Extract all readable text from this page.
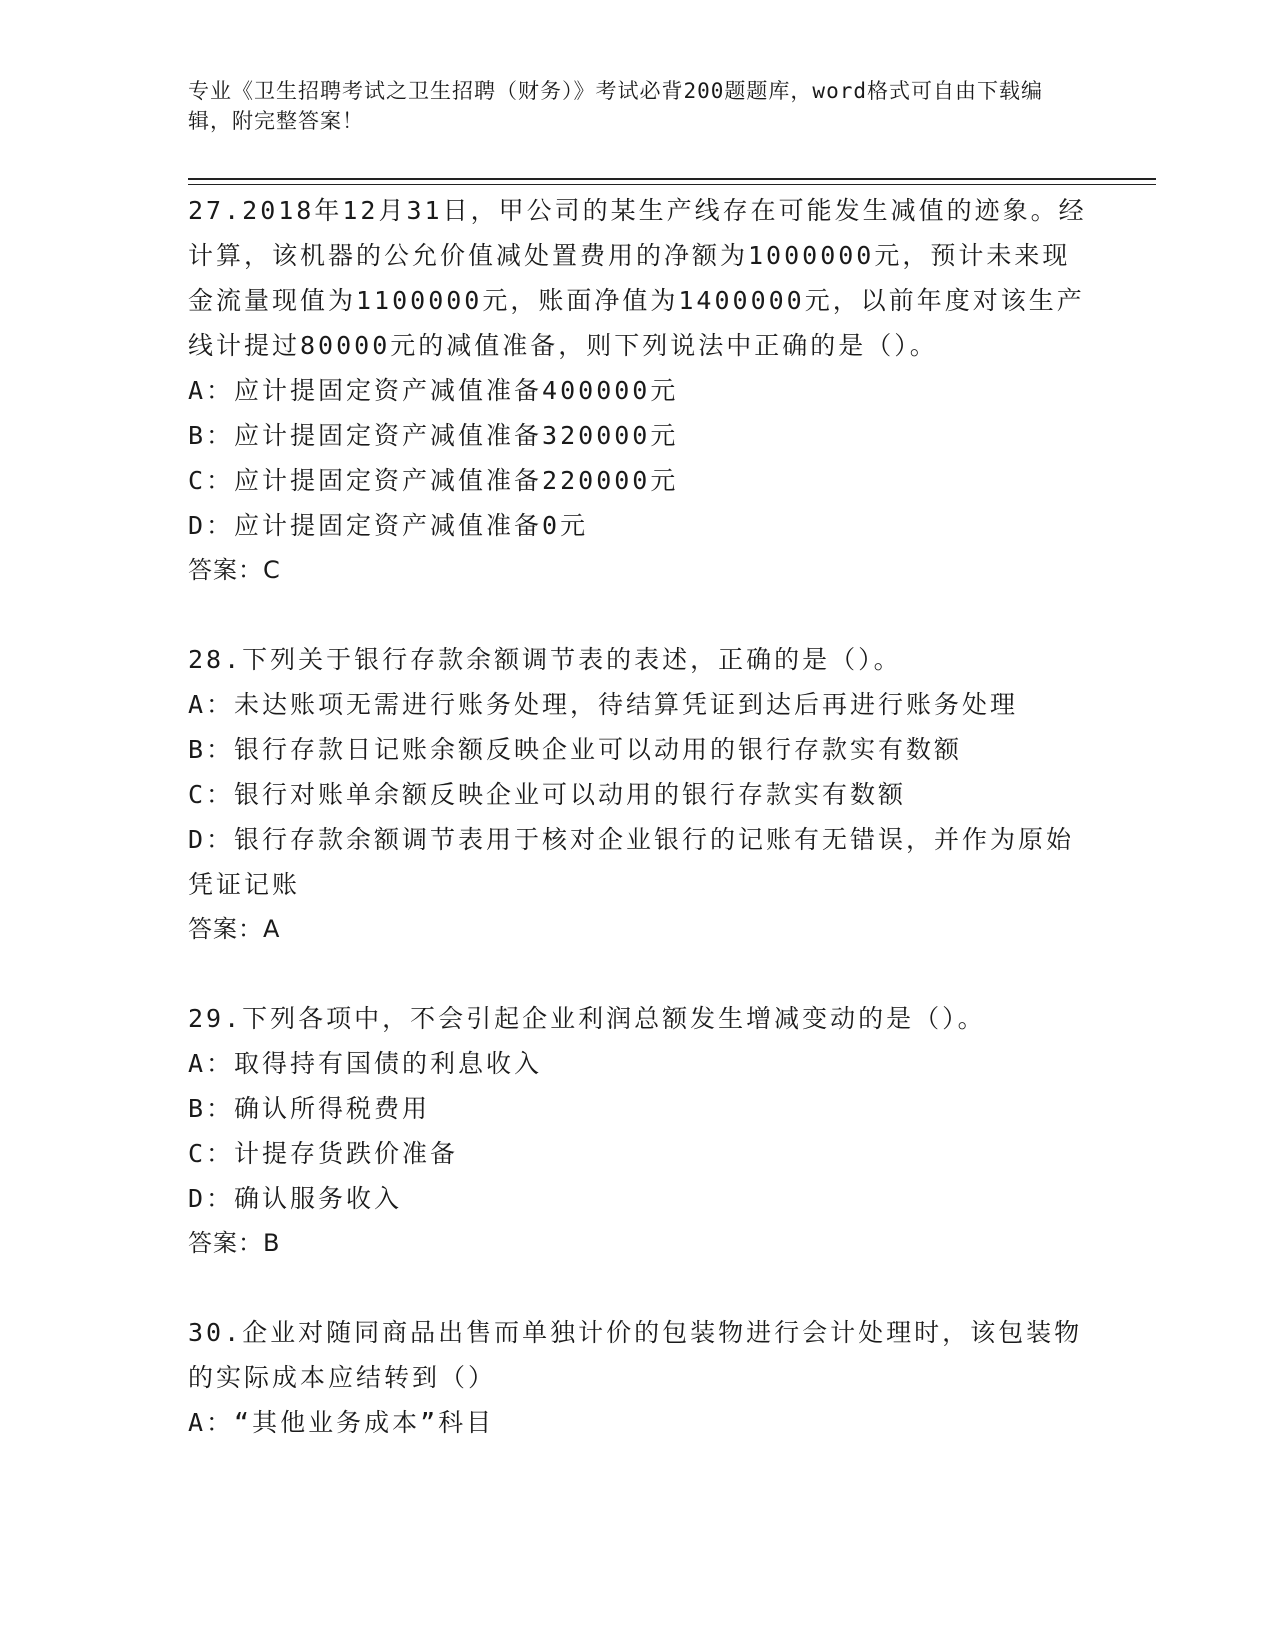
专业《卫生招聘考试之卫生招聘（财务）》考试必背200题题库，word格式可自由下载编辑，附完整答案！
27.2018年12月31日，甲公司的某生产线存在可能发生减值的迹象。经计算，该机器的公允价值减处置费用的净额为1000000元，预计未来现金流量现值为1100000元，账面净值为1400000元，以前年度对该生产线计提过80000元的减值准备，则下列说法中正确的是（）。
A：应计提固定资产减值准备400000元
B：应计提固定资产减值准备320000元
C：应计提固定资产减值准备220000元
D：应计提固定资产减值准备0元
答案：C
28.下列关于银行存款余额调节表的表述，正确的是（）。
A：未达账项无需进行账务处理，待结算凭证到达后再进行账务处理
B：银行存款日记账余额反映企业可以动用的银行存款实有数额
C：银行对账单余额反映企业可以动用的银行存款实有数额
D：银行存款余额调节表用于核对企业银行的记账有无错误，并作为原始凭证记账
答案：A
29.下列各项中，不会引起企业利润总额发生增减变动的是（）。
A：取得持有国债的利息收入
B：确认所得税费用
C：计提存货跌价准备
D：确认服务收入
答案：B
30.企业对随同商品出售而单独计价的包装物进行会计处理时，该包装物的实际成本应结转到（）
A：“其他业务成本”科目
